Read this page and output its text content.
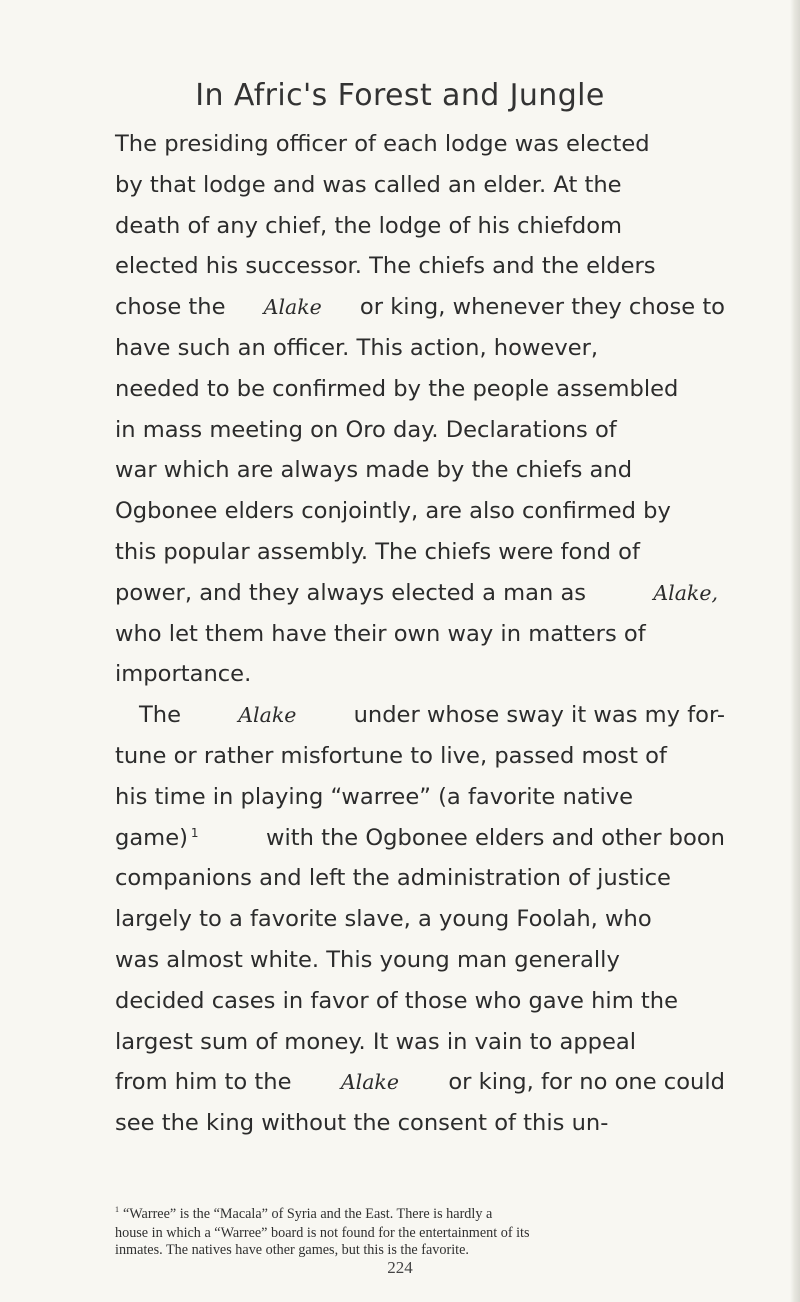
In Afric's Forest and Jungle
The presiding officer of each lodge was elected
by that lodge and was called an elder. At the
death of any chief, the lodge of his chiefdom
elected his successor. The chiefs and the elders
chose the Alake or king, whenever they chose to
have such an officer. This action, however,
needed to be confirmed by the people assembled
in mass meeting on Oro day. Declarations of
war which are always made by the chiefs and
Ogbonee elders conjointly, are also confirmed by
this popular assembly. The chiefs were fond of
power, and they always elected a man as	Alake,
who let them have their own way in matters of
importance.
The	Alake	under whose sway it was my for-
tune or rather misfortune to live, passed most of
his time in playing “warree” (a favorite native
game) $^1$	with the Ogbonee elders and other boon
companions and left the administration of justice
largely to a favorite slave, a young Foolah, who
was almost white. This young man generally
decided cases in favor of those who gave him the
largest sum of money. It was in vain to appeal
from him to the Alake or king, for no one could
see the king without the consent of this un-
$^1$ “Warree” is the “Macala” of Syria and the East. There is hardly a
house in which a “Warree” board is not found for the entertainment of its
inmates. The natives have other games, but this is the favorite.
224
